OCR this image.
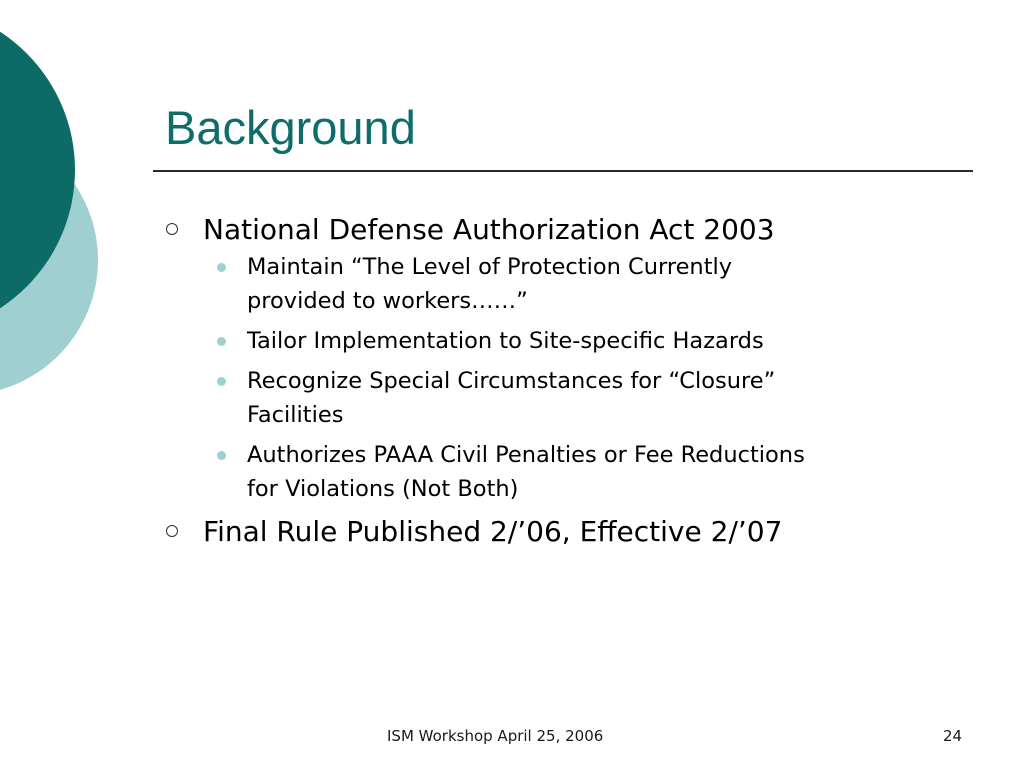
Background
National Defense Authorization Act 2003
Maintain “The Level of Protection Currently
provided to workers……”
Tailor Implementation to Site-specific Hazards
Recognize Special Circumstances for “Closure”
Facilities
Authorizes PAAA Civil Penalties or Fee Reductions
for Violations (Not Both)
Final Rule Published 2/’06, Effective 2/’07
ISM Workshop April 25, 2006	24
